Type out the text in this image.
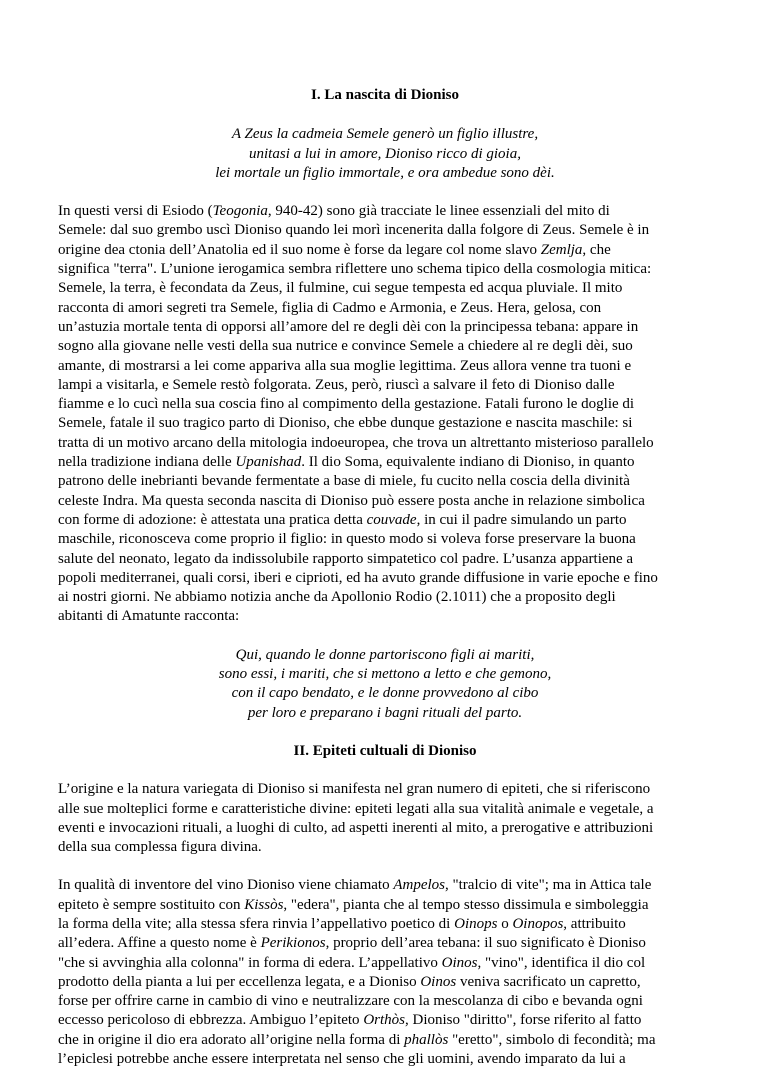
I. La nascita di Dioniso
A Zeus la cadmeia Semele generò un figlio illustre,
unitasi a lui in amore, Dioniso ricco di gioia,
lei mortale un figlio immortale, e ora ambedue sono dèi.

In questi versi di Esiodo (Teogonia, 940-42) sono già tracciate le linee essenziali del mito di
Semele: dal suo grembo uscì Dioniso quando lei morì incenerita dalla folgore di Zeus. Semele è in
origine dea ctonia dell’Anatolia ed il suo nome è forse da legare col nome slavo Zemlja, che
significa "terra". L’unione ierogamica sembra riflettere uno schema tipico della cosmologia mitica:
Semele, la terra, è fecondata da Zeus, il fulmine, cui segue tempesta ed acqua pluviale. Il mito
racconta di amori segreti tra Semele, figlia di Cadmo e Armonia, e Zeus. Hera, gelosa, con
un’astuzia mortale tenta di opporsi all’amore del re degli dèi con la principessa tebana: appare in
sogno alla giovane nelle vesti della sua nutrice e convince Semele a chiedere al re degli dèi, suo
amante, di mostrarsi a lei come appariva alla sua moglie legittima. Zeus allora venne tra tuoni e
lampi a visitarla, e Semele restò folgorata. Zeus, però, riuscì a salvare il feto di Dioniso dalle
fiamme e lo cucì nella sua coscia fino al compimento della gestazione. Fatali furono le doglie di
Semele, fatale il suo tragico parto di Dioniso, che ebbe dunque gestazione e nascita maschile: si
tratta di un motivo arcano della mitologia indoeuropea, che trova un altrettanto misterioso parallelo
nella tradizione indiana delle Upanishad. Il dio Soma, equivalente indiano di Dioniso, in quanto
patrono delle inebrianti bevande fermentate a base di miele, fu cucito nella coscia della divinità
celeste Indra. Ma questa seconda nascita di Dioniso può essere posta anche in relazione simbolica
con forme di adozione: è attestata una pratica detta couvade, in cui il padre simulando un parto
maschile, riconosceva come proprio il figlio: in questo modo si voleva forse preservare la buona
salute del neonato, legato da indissolubile rapporto simpatetico col padre. L’usanza appartiene a
popoli mediterranei, quali corsi, iberi e ciprioti, ed ha avuto grande diffusione in varie epoche e fino
ai nostri giorni. Ne abbiamo notizia anche da Apollonio Rodio (2.1011) che a proposito degli
abitanti di Amatunte racconta:

Qui, quando le donne partoriscono figli ai mariti,
sono essi, i mariti, che si mettono a letto e che gemono,
con il capo bendato, e le donne provvedono al cibo
per loro e preparano i bagni rituali del parto.
II. Epiteti cultuali di Dioniso

L’origine e la natura variegata di Dioniso si manifesta nel gran numero di epiteti, che si riferiscono
alle sue molteplici forme e caratteristiche divine: epiteti legati alla sua vitalità animale e vegetale, a
eventi e invocazioni rituali, a luoghi di culto, ad aspetti inerenti al mito, a prerogative e attribuzioni
della sua complessa figura divina.

In qualità di inventore del vino Dioniso viene chiamato Ampelos, "tralcio di vite"; ma in Attica tale
epiteto è sempre sostituito con Kissòs, "edera", pianta che al tempo stesso dissimula e simboleggia
la forma della vite; alla stessa sfera rinvia l’appellativo poetico di Oinops o Oinopos, attribuito
all’edera. Affine a questo nome è Perikionos, proprio dell’area tebana: il suo significato è Dioniso
"che si avvinghia alla colonna" in forma di edera. L’appellativo Oinos, "vino", identifica il dio col
prodotto della pianta a lui per eccellenza legata, e a Dioniso Oinos veniva sacrificato un capretto,
forse per offrire carne in cambio di vino e neutralizzare con la mescolanza di cibo e bevanda ogni
eccesso pericoloso di ebbrezza. Ambiguo l’epiteto Orthòs, Dioniso "diritto", forse riferito al fatto
che in origine il dio era adorato all’origine nella forma di phallòs "eretto", simbolo di fecondità; ma
l’epiclesi potrebbe anche essere interpretata nel senso che gli uomini, avendo imparato da lui a
